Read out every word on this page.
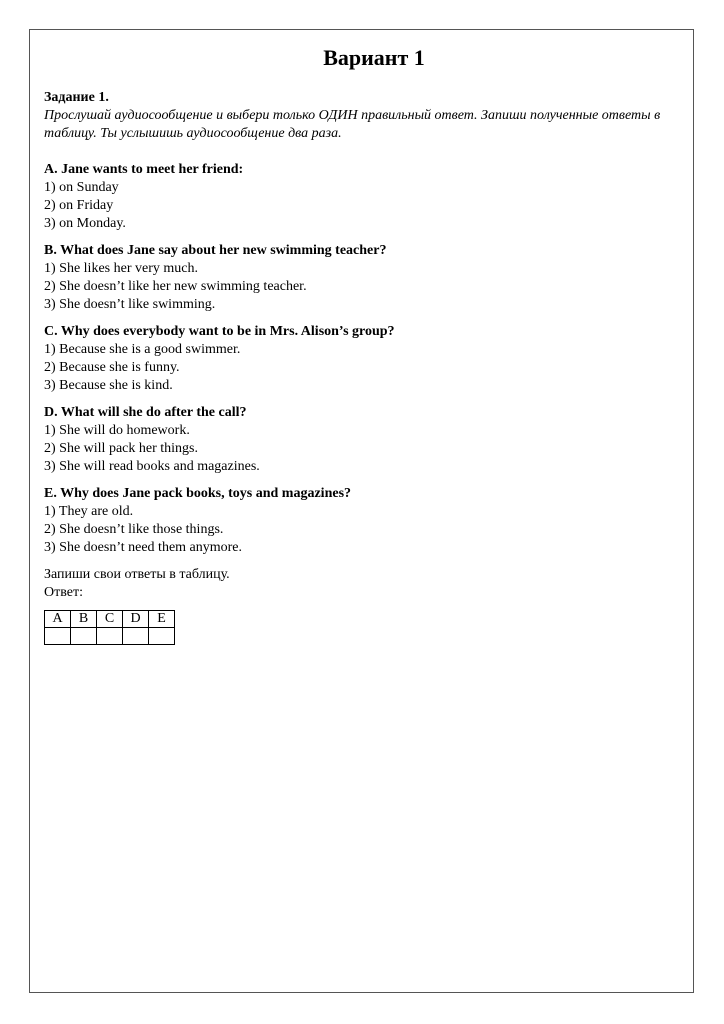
Вариант 1

Задание 1.

Прослушай аудиосообщение и выбери только ОДИН правильный ответ. Запиши полученные ответы в таблицу. Ты услышишь аудиосообщение два раза.

A. Jane wants to meet her friend:

1) on Sunday

2) on Friday

3) on Monday.

B. What does Jane say about her new swimming teacher?

1) She likes her very much.

2) She doesn’t like her new swimming teacher.

3) She doesn’t like swimming.

C. Why does everybody want to be in Mrs. Alison’s group?

1) Because she is a good swimmer.

2) Because she is funny.

3) Because she is kind.

D. What will she do after the call?

1) She will do homework.

2) She will pack her things.

3) She will read books and magazines.

E. Why does Jane pack books, toys and magazines?

1) They are old.

2) She doesn’t like those things.

3) She doesn’t need them anymore.

Запиши свои ответы в таблицу.

Ответ:

A	B	C	D	E
